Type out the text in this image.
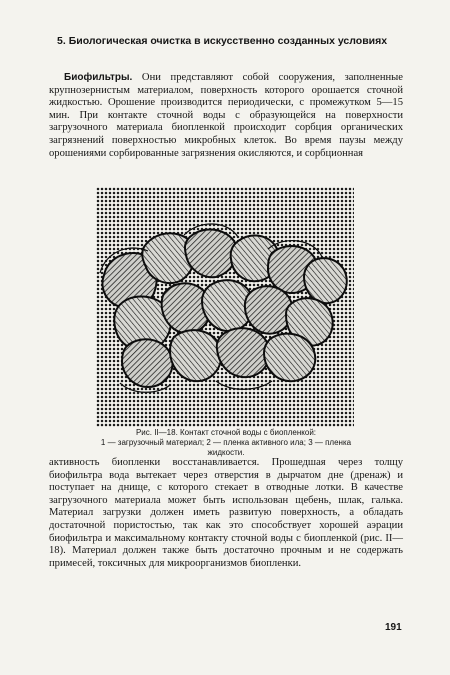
5. Биологическая очистка в искусственно созданных условиях

Биофильтры. Они представляют собой сооружения, заполненные крупнозернистым материалом, поверхность которого орошается сточной жидкостью. Орошение производится периодически, с промежутком 5—15 мин. При контакте сточной воды с образующейся на поверхности загрузочного материала биопленкой происходит сорбция органических загрязнений поверхностью микробных клеток. Во время паузы между орошениями сорбированные загрязнения окисляются, и сорбционная

Рис. II—18. Контакт сточной воды с биопленкой:
1 — загрузочный материал; 2 — пленка активного ила; 3 — пленка жидкости.

активность биопленки восстанавливается. Прошедшая через толщу биофильтра вода вытекает через отверстия в дырчатом дне (дренаж) и поступает на днище, с которого стекает в отводные лотки. В качестве загрузочного материала может быть использован щебень, шлак, галька. Материал загрузки должен иметь развитую поверхность, а обладать достаточной пористостью, так как это способствует хорошей аэрации биофильтра и максимальному контакту сточной воды с биопленкой (рис. II—18). Материал должен также быть достаточно прочным и не содержать примесей, токсичных для микроорганизмов биопленки.

191
